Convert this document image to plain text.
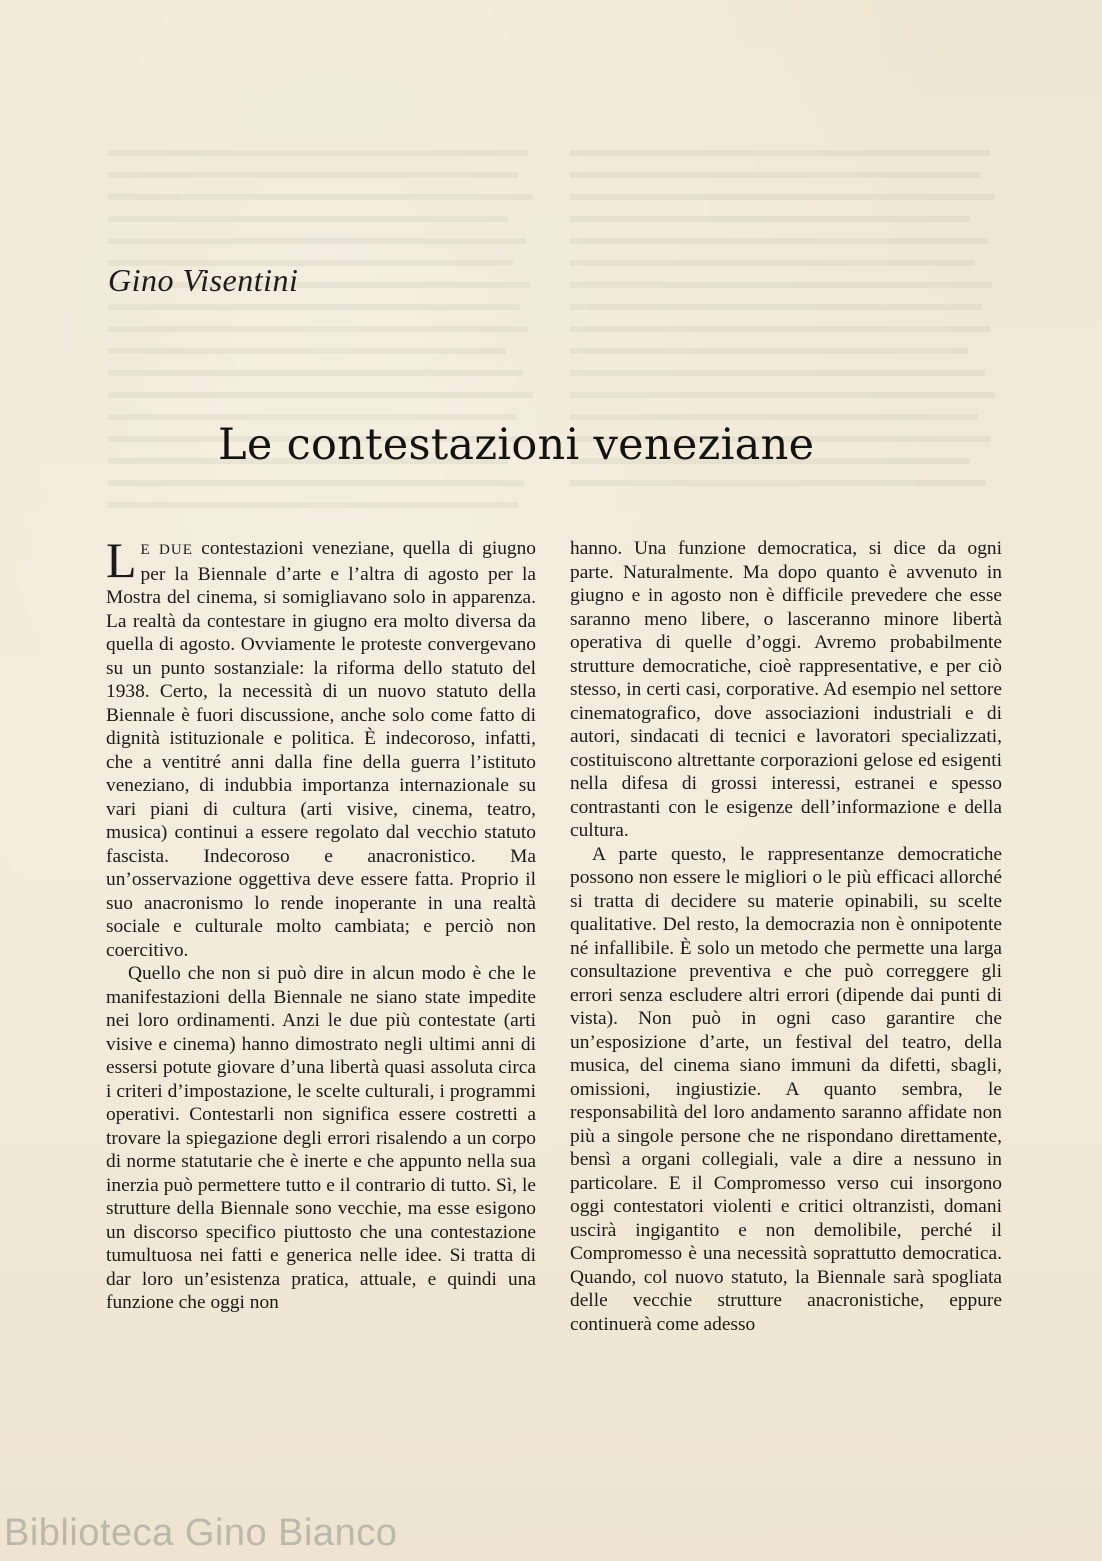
Gino Visentini
Le contestazioni veneziane

L E DUE contestazioni veneziane, quella di giugno per la Biennale d’arte e l’altra di agosto per la Mostra del cinema, si somigliavano solo in apparenza. La realtà da contestare in giugno era molto diversa da quella di agosto. Ovviamente le proteste convergevano su un punto sostanziale: la riforma dello statuto del 1938. Certo, la necessità di un nuovo statuto della Biennale è fuori discussione, anche solo come fatto di dignità istituzionale e politica. È indecoroso, infatti, che a ventitré anni dalla fine della guerra l’istituto veneziano, di indubbia importanza internazionale su vari piani di cultura (arti visive, cinema, teatro, musica) continui a essere regolato dal vecchio statuto fascista. Indecoroso e anacronistico. Ma un’osservazione oggettiva deve essere fatta. Proprio il suo anacronismo lo rende inoperante in una realtà sociale e culturale molto cambiata; e perciò non coercitivo.

Quello che non si può dire in alcun modo è che le manifestazioni della Biennale ne siano state impedite nei loro ordinamenti. Anzi le due più contestate (arti visive e cinema) hanno dimostrato negli ultimi anni di essersi potute giovare d’una libertà quasi assoluta circa i criteri d’impostazione, le scelte culturali, i programmi operativi. Contestarli non significa essere costretti a trovare la spiegazione degli errori risalendo a un corpo di norme statutarie che è inerte e che appunto nella sua inerzia può permettere tutto e il contrario di tutto. Sì, le strutture della Biennale sono vecchie, ma esse esigono un discorso specifico piuttosto che una contestazione tumultuosa nei fatti e generica nelle idee. Si tratta di dar loro un’esistenza pratica, attuale, e quindi una funzione che oggi non

hanno. Una funzione democratica, si dice da ogni parte. Naturalmente. Ma dopo quanto è avvenuto in giugno e in agosto non è difficile prevedere che esse saranno meno libere, o lasceranno minore libertà operativa di quelle d’oggi. Avremo probabilmente strutture democratiche, cioè rappresentative, e per ciò stesso, in certi casi, corporative. Ad esempio nel settore cinematografico, dove associazioni industriali e di autori, sindacati di tecnici e lavoratori specializzati, costituiscono altrettante corporazioni gelose ed esigenti nella difesa di grossi interessi, estranei e spesso contrastanti con le esigenze dell’informazione e della cultura.

A parte questo, le rappresentanze democratiche possono non essere le migliori o le più efficaci allorché si tratta di decidere su materie opinabili, su scelte qualitative. Del resto, la democrazia non è onnipotente né infallibile. È solo un metodo che permette una larga consultazione preventiva e che può correggere gli errori senza escludere altri errori (dipende dai punti di vista). Non può in ogni caso garantire che un’esposizione d’arte, un festival del teatro, della musica, del cinema siano immuni da difetti, sbagli, omissioni, ingiustizie. A quanto sembra, le responsabilità del loro andamento saranno affidate non più a singole persone che ne rispondano direttamente, bensì a organi collegiali, vale a dire a nessuno in particolare. E il Compromesso verso cui insorgono oggi contestatori violenti e critici oltranzisti, domani uscirà ingigantito e non demolibile, perché il Compromesso è una necessità soprattutto democratica. Quando, col nuovo statuto, la Biennale sarà spogliata delle vecchie strutture anacronistiche, eppure continuerà come adesso

Biblioteca Gino Bianco
